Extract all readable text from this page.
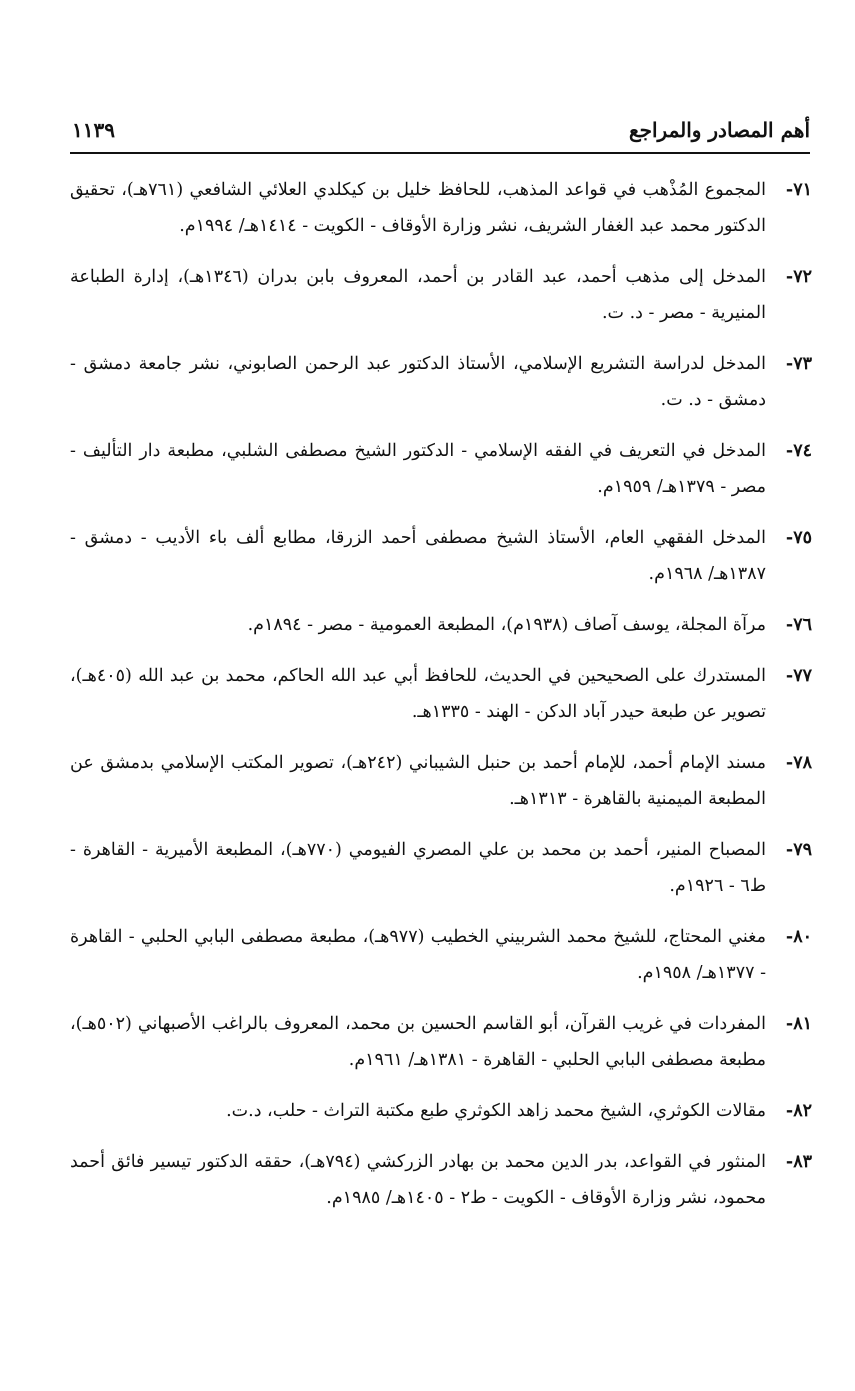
أهم المصادر والمراجع
١١٣٩
٧١-
المجموع المُذْهب في قواعد المذهب، للحافظ خليل بن كيكلدي العلائي الشافعي (٧٦١هـ)، تحقيق الدكتور محمد عبد الغفار الشريف، نشر وزارة الأوقاف - الكويت - ١٤١٤هـ/ ١٩٩٤م.
٧٢-
المدخل إلى مذهب أحمد، عبد القادر بن أحمد، المعروف بابن بدران (١٣٤٦هـ)، إدارة الطباعة المنيرية - مصر - د. ت.
٧٣-
المدخل لدراسة التشريع الإسلامي، الأستاذ الدكتور عبد الرحمن الصابوني، نشر جامعة دمشق - دمشق - د. ت.
٧٤-
المدخل في التعريف في الفقه الإسلامي - الدكتور الشيخ مصطفى الشلبي، مطبعة دار التأليف - مصر - ١٣٧٩هـ/ ١٩٥٩م.
٧٥-
المدخل الفقهي العام، الأستاذ الشيخ مصطفى أحمد الزرقا، مطابع ألف باء الأديب - دمشق - ١٣٨٧هـ/ ١٩٦٨م.
٧٦-
مرآة المجلة، يوسف آصاف (١٩٣٨م)، المطبعة العمومية - مصر - ١٨٩٤م.
٧٧-
المستدرك على الصحيحين في الحديث، للحافظ أبي عبد الله الحاكم، محمد بن عبد الله (٤٠٥هـ)، تصوير عن طبعة حيدر آباد الدكن - الهند - ١٣٣٥هـ.
٧٨-
مسند الإمام أحمد، للإمام أحمد بن حنبل الشيباني (٢٤٢هـ)، تصوير المكتب الإسلامي بدمشق عن المطبعة الميمنية بالقاهرة - ١٣١٣هـ.
٧٩-
المصباح المنير، أحمد بن محمد بن علي المصري الفيومي (٧٧٠هـ)، المطبعة الأميرية - القاهرة - ط٦ - ١٩٢٦م.
٨٠-
مغني المحتاج، للشيخ محمد الشربيني الخطيب (٩٧٧هـ)، مطبعة مصطفى البابي الحلبي - القاهرة - ١٣٧٧هـ/ ١٩٥٨م.
٨١-
المفردات في غريب القرآن، أبو القاسم الحسين بن محمد، المعروف بالراغب الأصبهاني (٥٠٢هـ)، مطبعة مصطفى البابي الحلبي - القاهرة - ١٣٨١هـ/ ١٩٦١م.
٨٢-
مقالات الكوثري، الشيخ محمد زاهد الكوثري طبع مكتبة التراث - حلب، د.ت.
٨٣-
المنثور في القواعد، بدر الدين محمد بن بهادر الزركشي (٧٩٤هـ)، حققه الدكتور تيسير فائق أحمد محمود، نشر وزارة الأوقاف - الكويت - ط٢ - ١٤٠٥هـ/ ١٩٨٥م.
